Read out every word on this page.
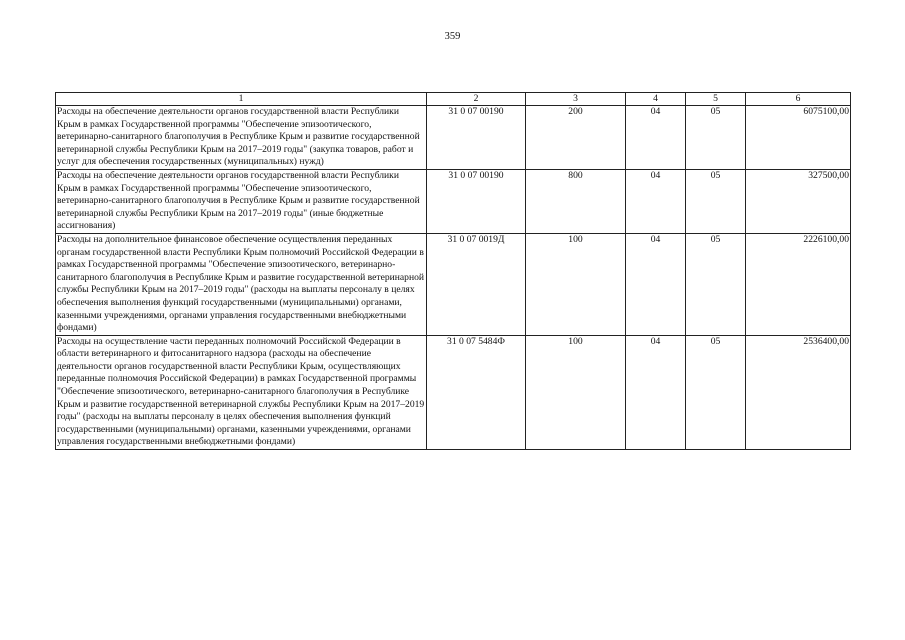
359
1	2	3	4	5	6
Расходы на обеспечение деятельности органов государственной власти Республики Крым в рамках Государственной программы "Обеспечение эпизоотического, ветеринарно-санитарного благополучия в Республике Крым и развитие государственной ветеринарной службы Республики Крым на 2017–2019 годы" (закупка товаров, работ и услуг для обеспечения государственных (муниципальных) нужд)	31 0 07 00190	200	04	05	6075100,00
Расходы на обеспечение деятельности органов государственной власти Республики Крым в рамках Государственной программы "Обеспечение эпизоотического, ветеринарно-санитарного благополучия в Республике Крым и развитие государственной ветеринарной службы Республики Крым на 2017–2019 годы" (иные бюджетные ассигнования)	31 0 07 00190	800	04	05	327500,00
Расходы на дополнительное финансовое обеспечение осуществления переданных органам государственной власти Республики Крым полномочий Российской Федерации в рамках Государственной программы "Обеспечение эпизоотического, ветеринарно-санитарного благополучия в Республике Крым и развитие государственной ветеринарной службы Республики Крым на 2017–2019 годы" (расходы на выплаты персоналу в целях обеспечения выполнения функций государственными (муниципальными) органами, казенными учреждениями, органами управления государственными внебюджетными фондами)	31 0 07 0019Д	100	04	05	2226100,00
Расходы на осуществление части переданных полномочий Российской Федерации в области ветеринарного и фитосанитарного надзора (расходы на обеспечение деятельности органов государственной власти Республики Крым, осуществляющих переданные полномочия Российской Федерации) в рамках Государственной программы "Обеспечение эпизоотического, ветеринарно-санитарного благополучия в Республике Крым и развитие государственной ветеринарной службы Республики Крым на 2017–2019 годы" (расходы на выплаты персоналу в целях обеспечения выполнения функций государственными (муниципальными) органами, казенными учреждениями, органами управления государственными внебюджетными фондами)	31 0 07 5484Ф	100	04	05	2536400,00
